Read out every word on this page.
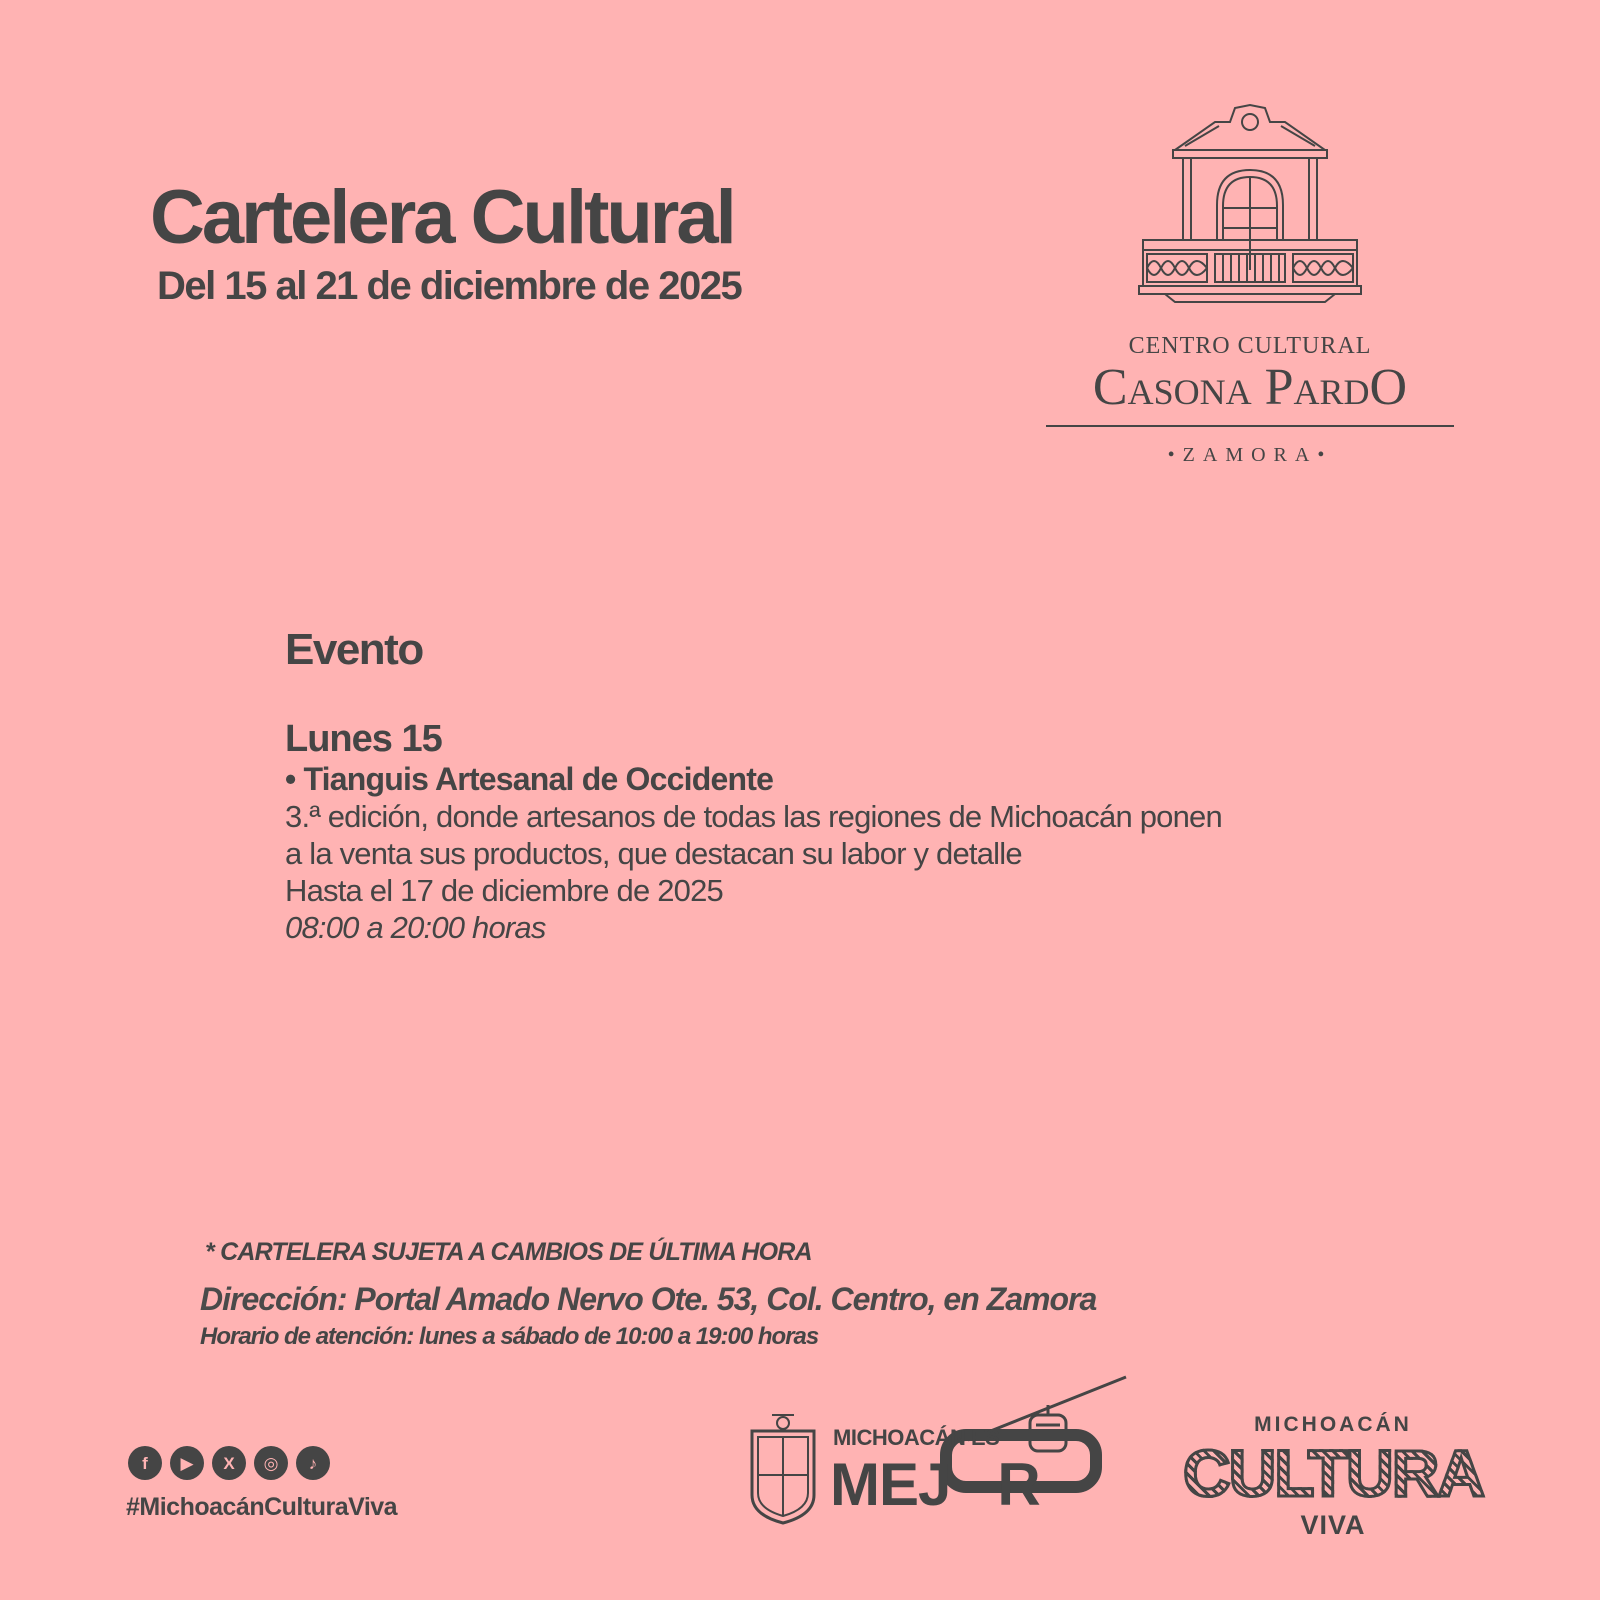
Cartelera Cultural
Del 15 al 21 de diciembre de 2025
CENTRO CULTURAL
Casona PardO
•ZAMORA•
Evento

Lunes 15

• Tianguis Artesanal de Occidente

3.ª edición, donde artesanos de todas las regiones de Michoacán ponen

a la venta sus productos, que destacan su labor y detalle

Hasta el 17 de diciembre de 2025

08:00 a 20:00 horas

* CARTELERA SUJETA A CAMBIOS DE ÚLTIMA HORA

Dirección: Portal Amado Nervo Ote. 53, Col. Centro, en Zamora

Horario de atención: lunes a sábado de 10:00 a 19:00 horas

f	▶	X	◎	♪

#MichoacánCulturaViva

MICHOACÁN ES
MEJ   R
MICHOACÁN
CULTURA
VIVA
